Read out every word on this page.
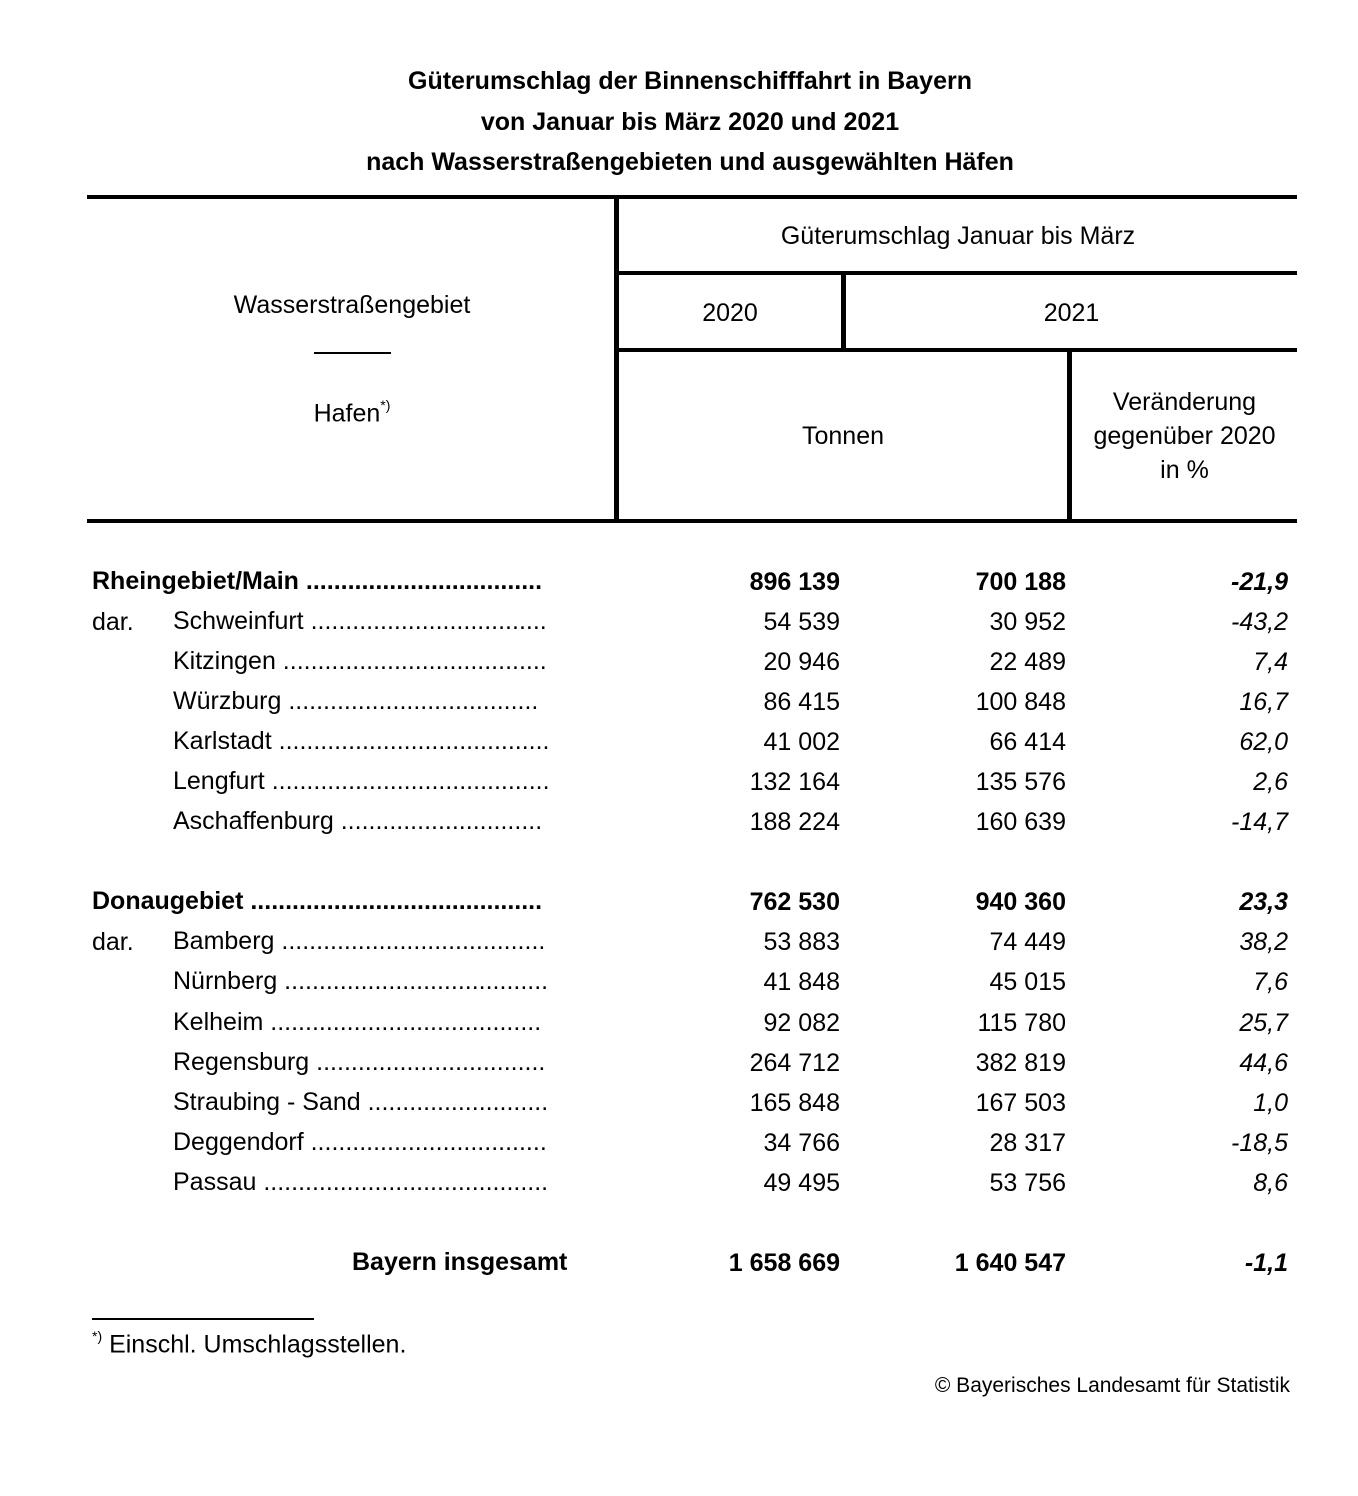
Güterumschlag der Binnenschifffahrt in Bayern
von Januar bis März 2020 und 2021
nach Wasserstraßengebieten und ausgewählten Häfen
Wasserstraßengebiet
Hafen*)
Güterumschlag Januar bis März
2020	2021
Tonnen
Veränderung
gegenüber 2020
in %
Rheingebiet/Main ..................................	896 139	700 188	-21,9
dar. Schweinfurt ..................................	54 539	30 952	-43,2
Kitzingen ......................................	20 946	22 489	7,4
Würzburg ....................................	86 415	100 848	16,7
Karlstadt .......................................	41 002	66 414	62,0
Lengfurt ........................................	132 164	135 576	2,6
Aschaffenburg .............................	188 224	160 639	-14,7
Donaugebiet ..........................................	762 530	940 360	23,3
dar. Bamberg ......................................	53 883	74 449	38,2
Nürnberg ......................................	41 848	45 015	7,6
Kelheim .......................................	92 082	115 780	25,7
Regensburg .................................	264 712	382 819	44,6
Straubing - Sand ..........................	165 848	167 503	1,0
Deggendorf ..................................	34 766	28 317	-18,5
Passau .........................................	49 495	53 756	8,6
Bayern insgesamt	1 658 669	1 640 547	-1,1
*) Einschl. Umschlagsstellen.
© Bayerisches Landesamt für Statistik
